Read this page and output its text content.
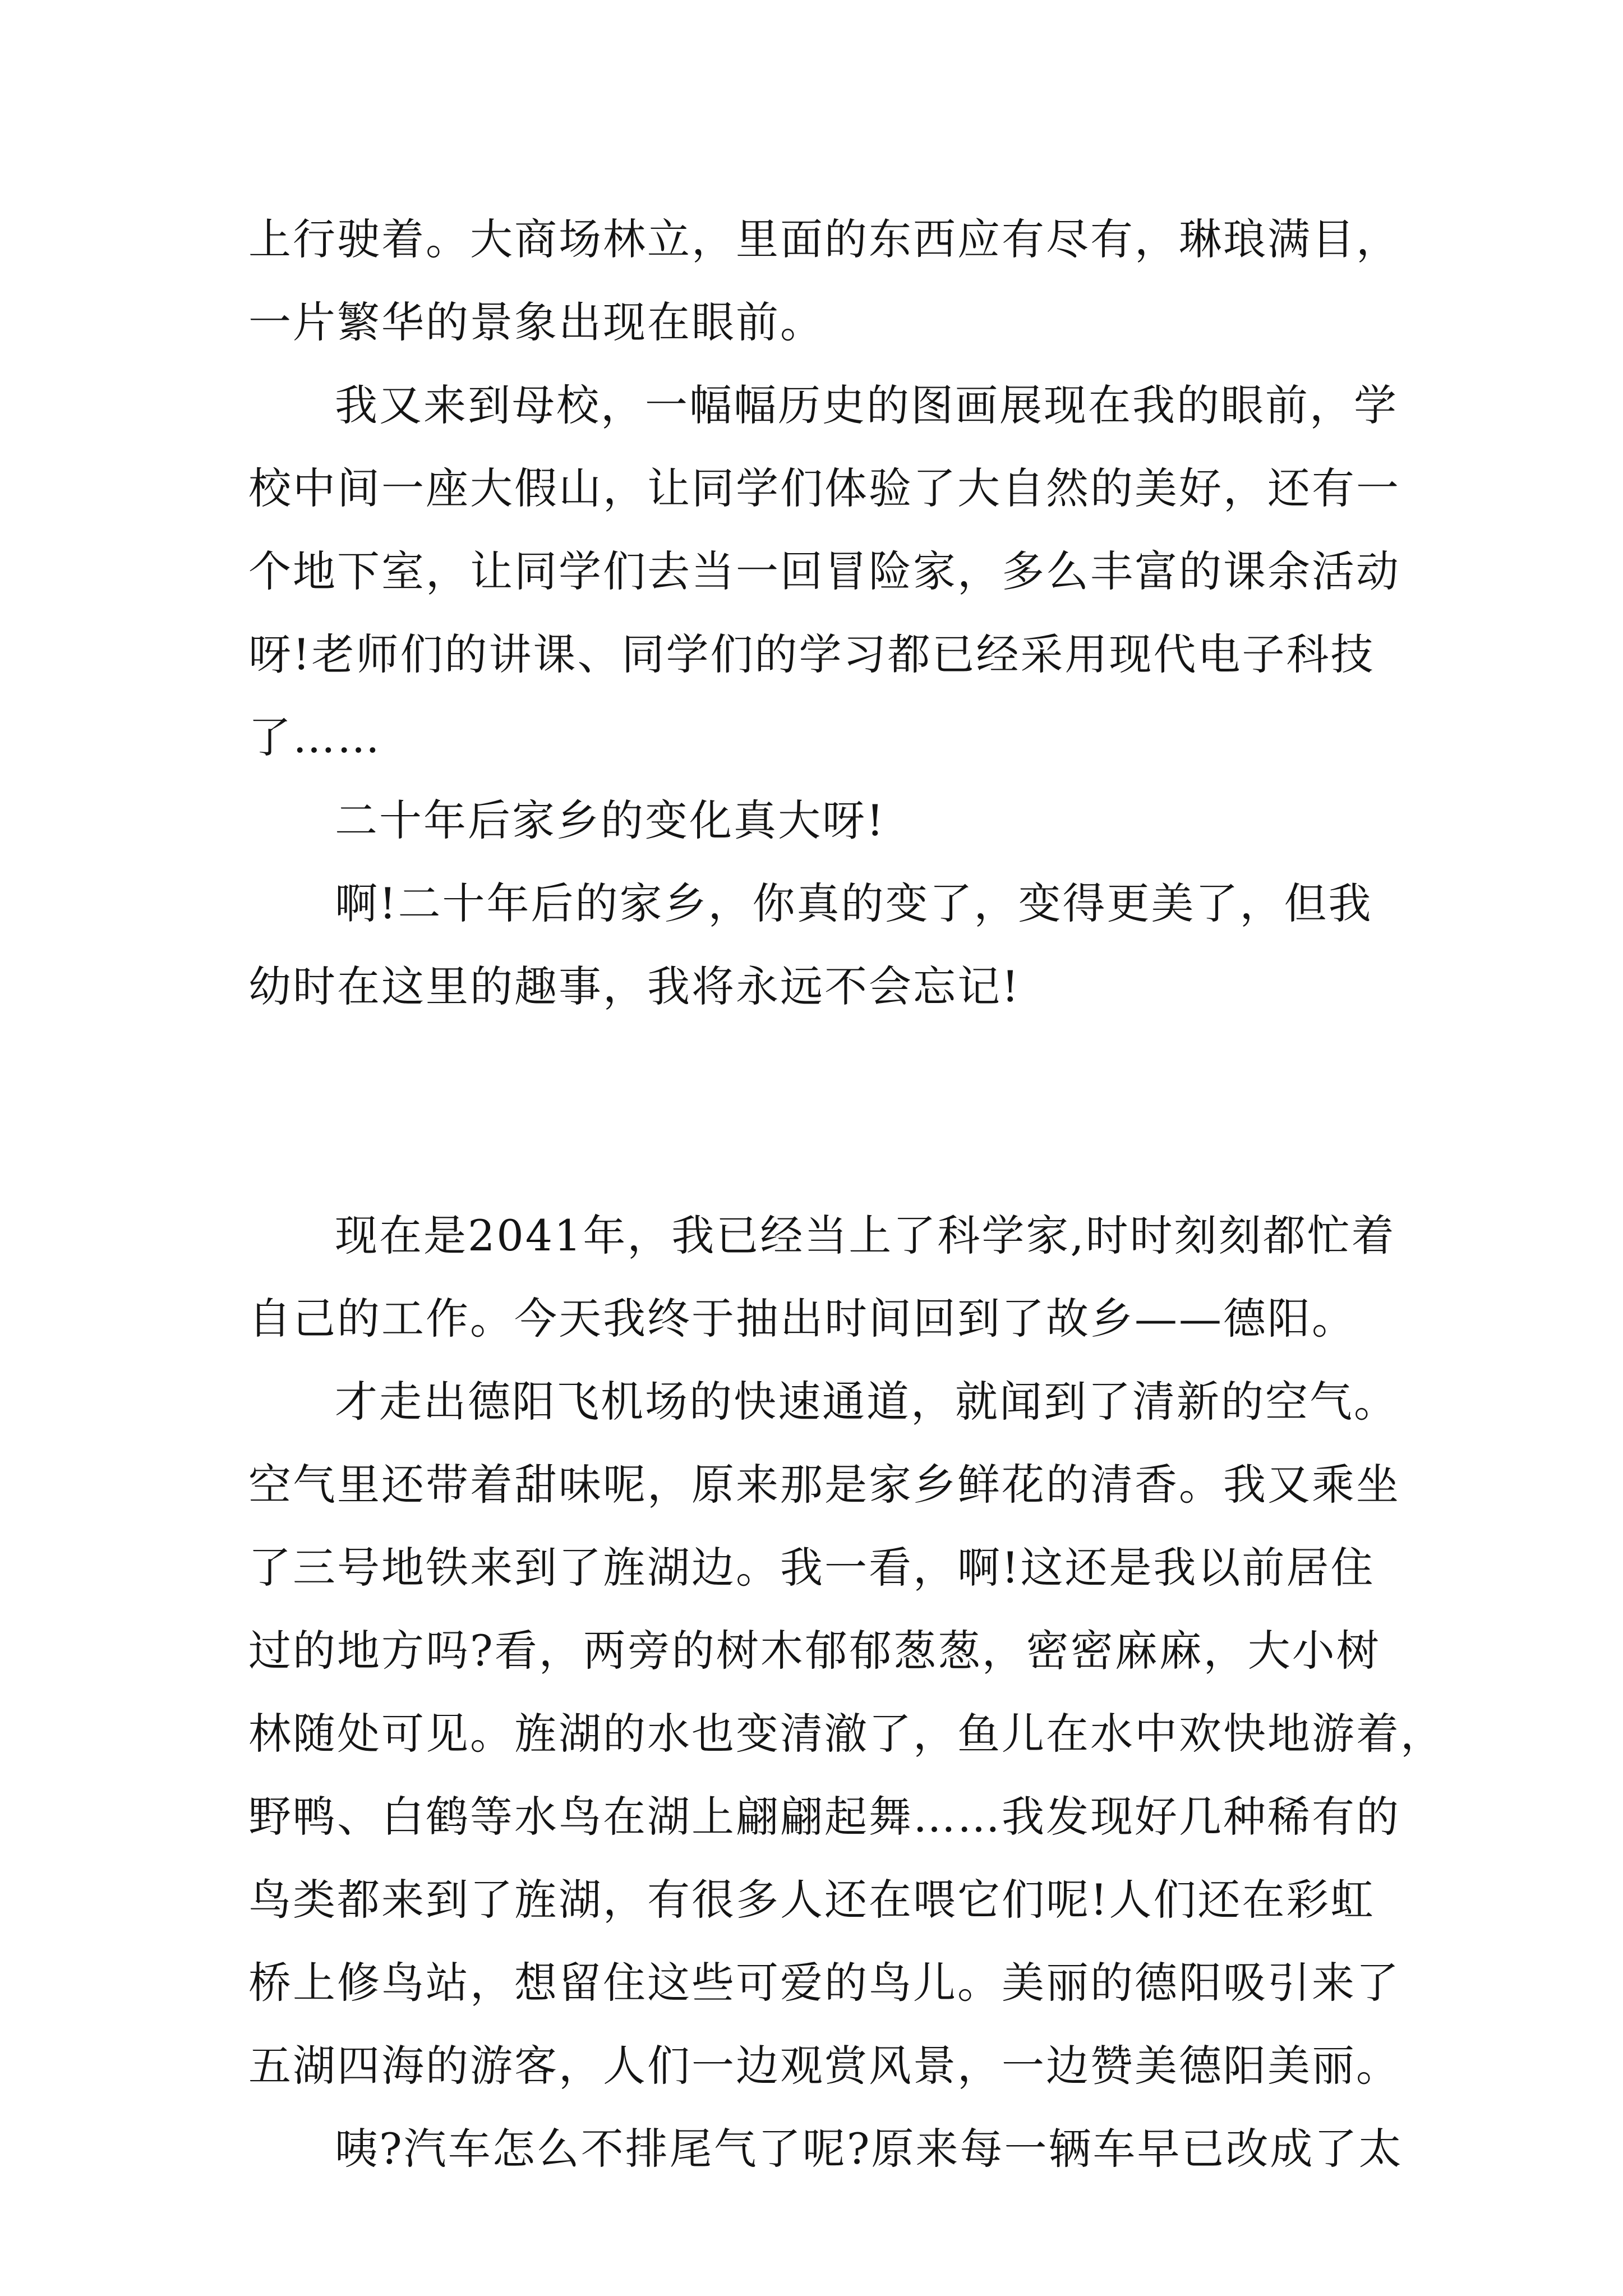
上行驶着。大商场林立，里面的东西应有尽有，琳琅满目，
一片繁华的景象出现在眼前。
我又来到母校，一幅幅历史的图画展现在我的眼前，学
校中间一座大假山，让同学们体验了大自然的美好，还有一
个地下室，让同学们去当一回冒险家，多么丰富的课余活动
呀!老师们的讲课、同学们的学习都已经采用现代电子科技
了……
二十年后家乡的变化真大呀!
啊!二十年后的家乡，你真的变了，变得更美了，但我
幼时在这里的趣事，我将永远不会忘记!
现在是2041年，我已经当上了科学家,时时刻刻都忙着
自己的工作。今天我终于抽出时间回到了故乡——德阳。
才走出德阳飞机场的快速通道，就闻到了清新的空气。
空气里还带着甜味呢，原来那是家乡鲜花的清香。我又乘坐
了三号地铁来到了旌湖边。我一看，啊!这还是我以前居住
过的地方吗?看，两旁的树木郁郁葱葱，密密麻麻，大小树
林随处可见。旌湖的水也变清澈了，鱼儿在水中欢快地游着，
野鸭、白鹤等水鸟在湖上翩翩起舞……我发现好几种稀有的
鸟类都来到了旌湖，有很多人还在喂它们呢!人们还在彩虹
桥上修鸟站，想留住这些可爱的鸟儿。美丽的德阳吸引来了
五湖四海的游客，人们一边观赏风景，一边赞美德阳美丽。
咦?汽车怎么不排尾气了呢?原来每一辆车早已改成了太
